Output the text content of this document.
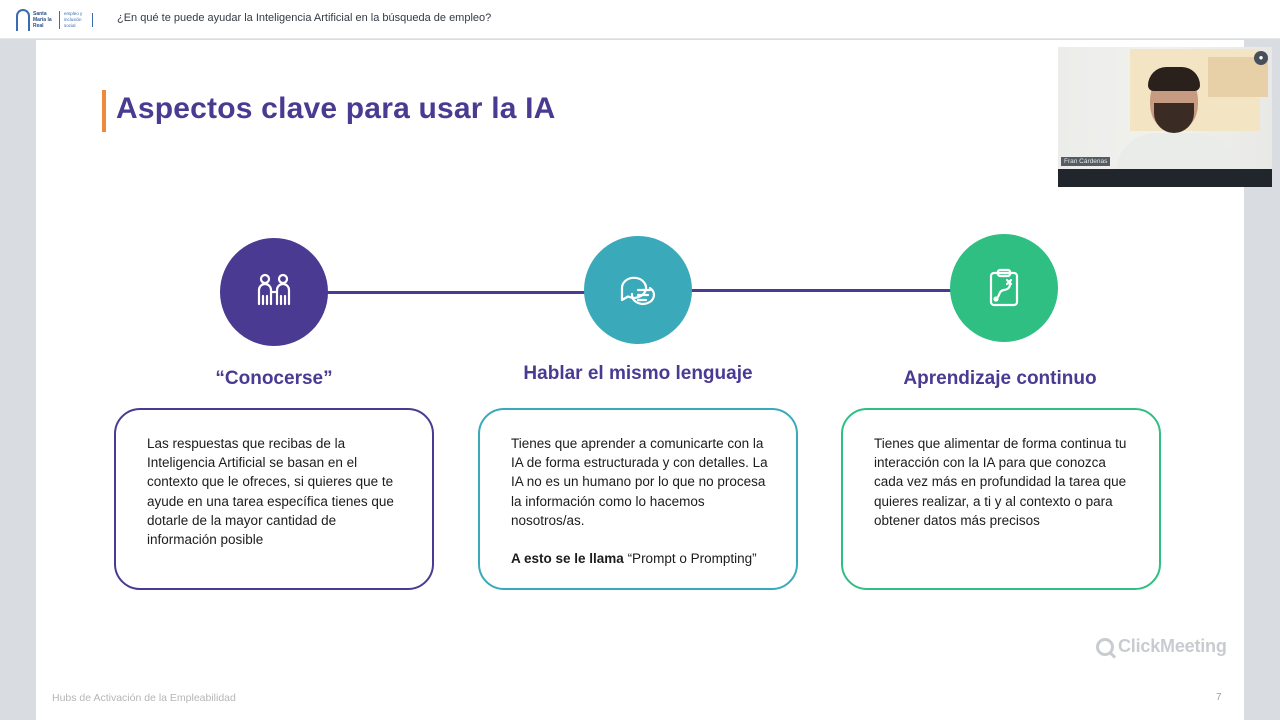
Santa María la Real
empleo y inclusión social
¿En qué te puede ayudar la Inteligencia Artificial en la búsqueda de empleo?
Aspectos clave para usar la IA
“Conocerse”	Hablar el mismo lenguaje	Aprendizaje continuo

Las respuestas que recibas de la Inteligencia Artificial se basan en el contexto que le ofreces, si quieres que te ayude en una tarea específica tienes que dotarle de la mayor cantidad de información posible

Tienes que aprender a comunicarte con la IA de forma estructurada y con detalles. La IA no es un humano por lo que no procesa la información como lo hacemos nosotros/as.

A esto se le llama “Prompt o Prompting”

Tienes que alimentar de forma continua tu interacción con la IA para que conozca cada vez más en profundidad la tarea que quieres realizar, a ti y al contexto o para obtener datos más precisos

Hubs de Activación de la Empleabilidad	7
ClickMeeting
Fran Cárdenas
●
